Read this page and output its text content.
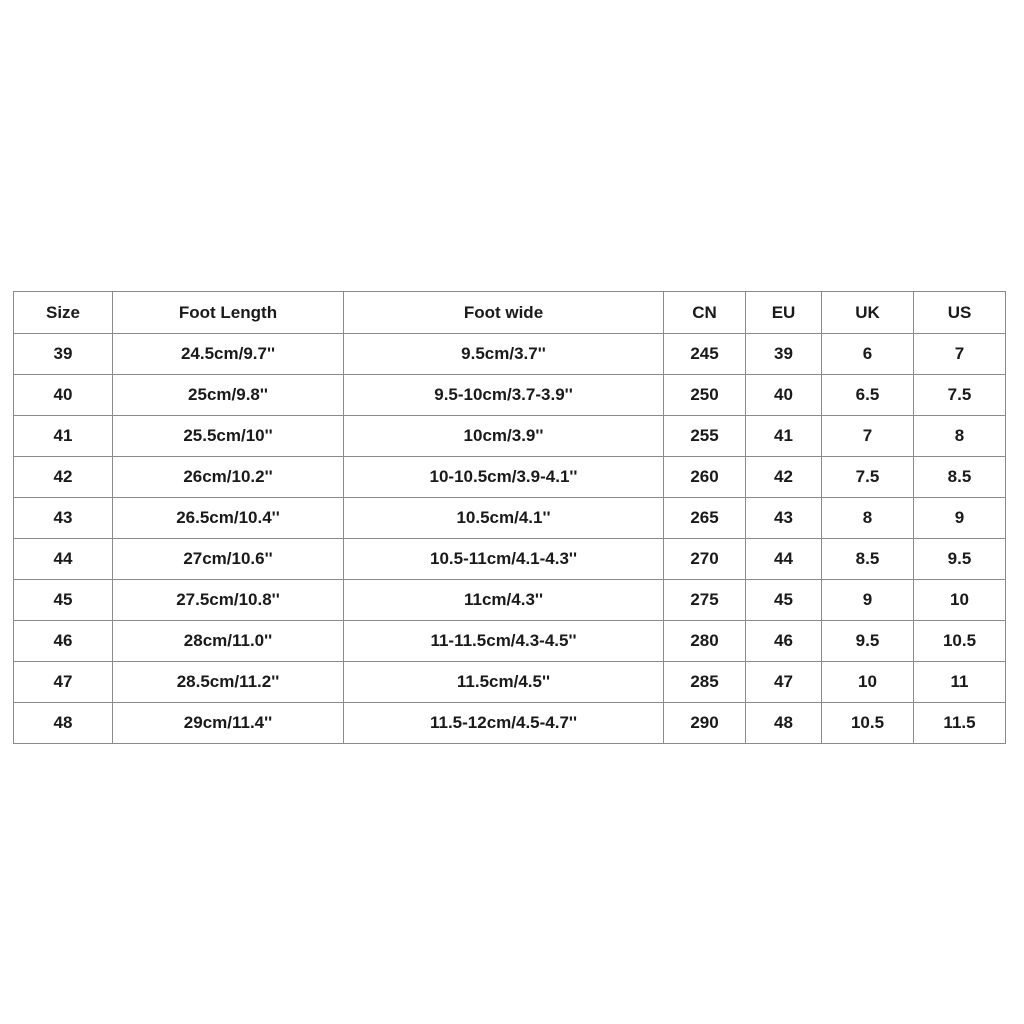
Size	Foot Length	Foot wide	CN	EU	UK	US
39	24.5cm/9.7''	9.5cm/3.7''	245	39	6	7
40	25cm/9.8''	9.5-10cm/3.7-3.9''	250	40	6.5	7.5
41	25.5cm/10''	10cm/3.9''	255	41	7	8
42	26cm/10.2''	10-10.5cm/3.9-4.1''	260	42	7.5	8.5
43	26.5cm/10.4''	10.5cm/4.1''	265	43	8	9
44	27cm/10.6''	10.5-11cm/4.1-4.3''	270	44	8.5	9.5
45	27.5cm/10.8''	11cm/4.3''	275	45	9	10
46	28cm/11.0''	11-11.5cm/4.3-4.5''	280	46	9.5	10.5
47	28.5cm/11.2''	11.5cm/4.5''	285	47	10	11
48	29cm/11.4''	11.5-12cm/4.5-4.7''	290	48	10.5	11.5
